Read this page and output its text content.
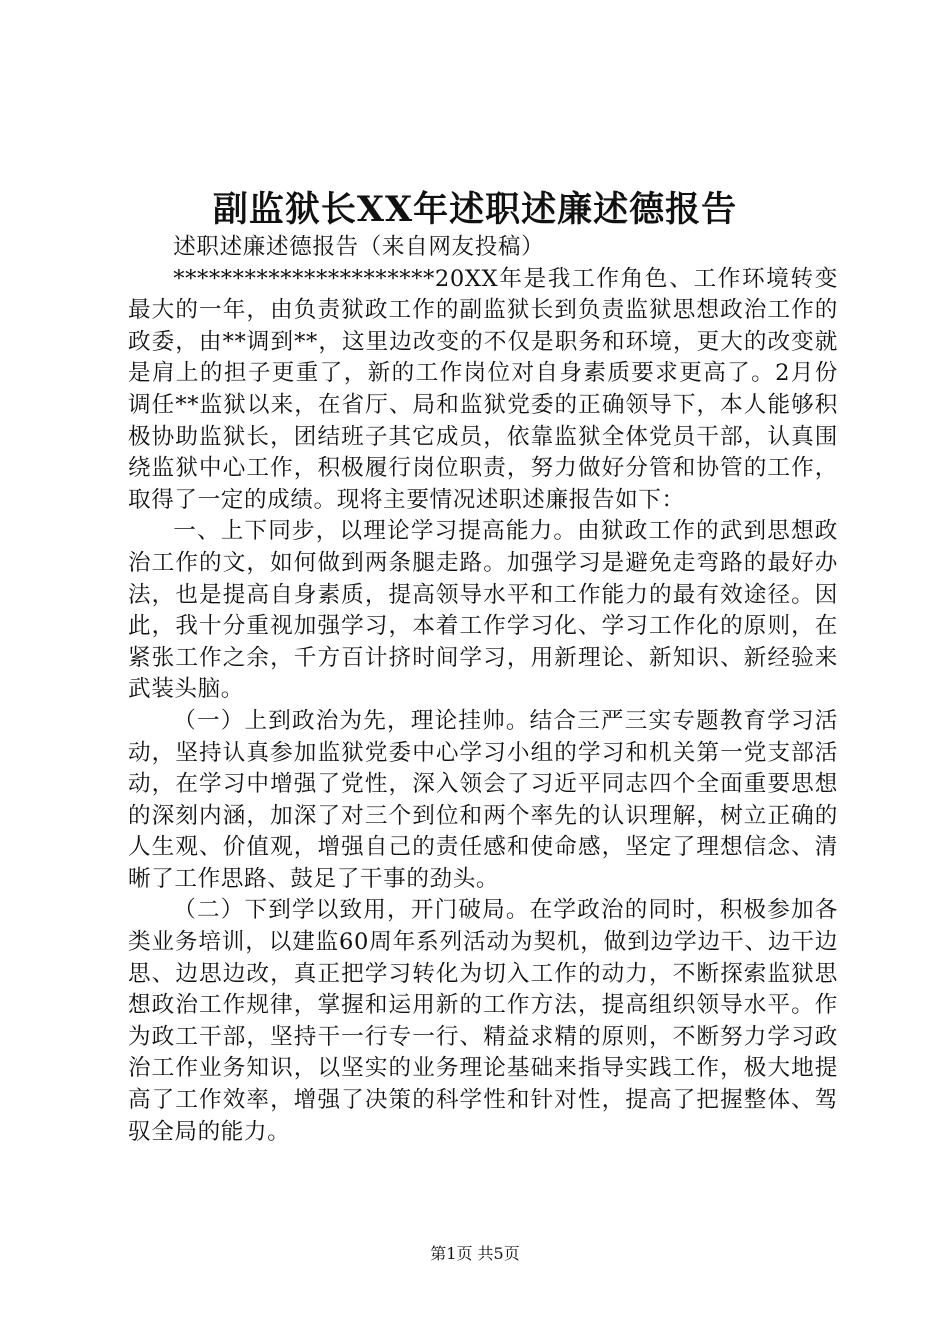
副监狱长XX年述职述廉述德报告

述职述廉述德报告（来自网友投稿）

**********************20XX年是我工作角色、工作环境转变最大的一年，由负责狱政工作的副监狱长到负责监狱思想政治工作的政委，由**调到**，这里边改变的不仅是职务和环境，更大的改变就是肩上的担子更重了，新的工作岗位对自身素质要求更高了。2月份调任**监狱以来，在省厅、局和监狱党委的正确领导下，本人能够积极协助监狱长，团结班子其它成员，依靠监狱全体党员干部，认真围绕监狱中心工作，积极履行岗位职责，努力做好分管和协管的工作，取得了一定的成绩。现将主要情况述职述廉报告如下：

一、上下同步，以理论学习提高能力。由狱政工作的武到思想政治工作的文，如何做到两条腿走路。加强学习是避免走弯路的最好办法，也是提高自身素质，提高领导水平和工作能力的最有效途径。因此，我十分重视加强学习，本着工作学习化、学习工作化的原则，在紧张工作之余，千方百计挤时间学习，用新理论、新知识、新经验来武装头脑。

（一）上到政治为先，理论挂帅。结合三严三实专题教育学习活动，坚持认真参加监狱党委中心学习小组的学习和机关第一党支部活动，在学习中增强了党性，深入领会了习近平同志四个全面重要思想的深刻内涵，加深了对三个到位和两个率先的认识理解，树立正确的人生观、价值观，增强自己的责任感和使命感，坚定了理想信念、清晰了工作思路、鼓足了干事的劲头。

（二）下到学以致用，开门破局。在学政治的同时，积极参加各类业务培训，以建监60周年系列活动为契机，做到边学边干、边干边思、边思边改，真正把学习转化为切入工作的动力，不断探索监狱思想政治工作规律，掌握和运用新的工作方法，提高组织领导水平。作为政工干部，坚持干一行专一行、精益求精的原则，不断努力学习政治工作业务知识，以坚实的业务理论基础来指导实践工作，极大地提高了工作效率，增强了决策的科学性和针对性，提高了把握整体、驾驭全局的能力。

第1页 共5页
